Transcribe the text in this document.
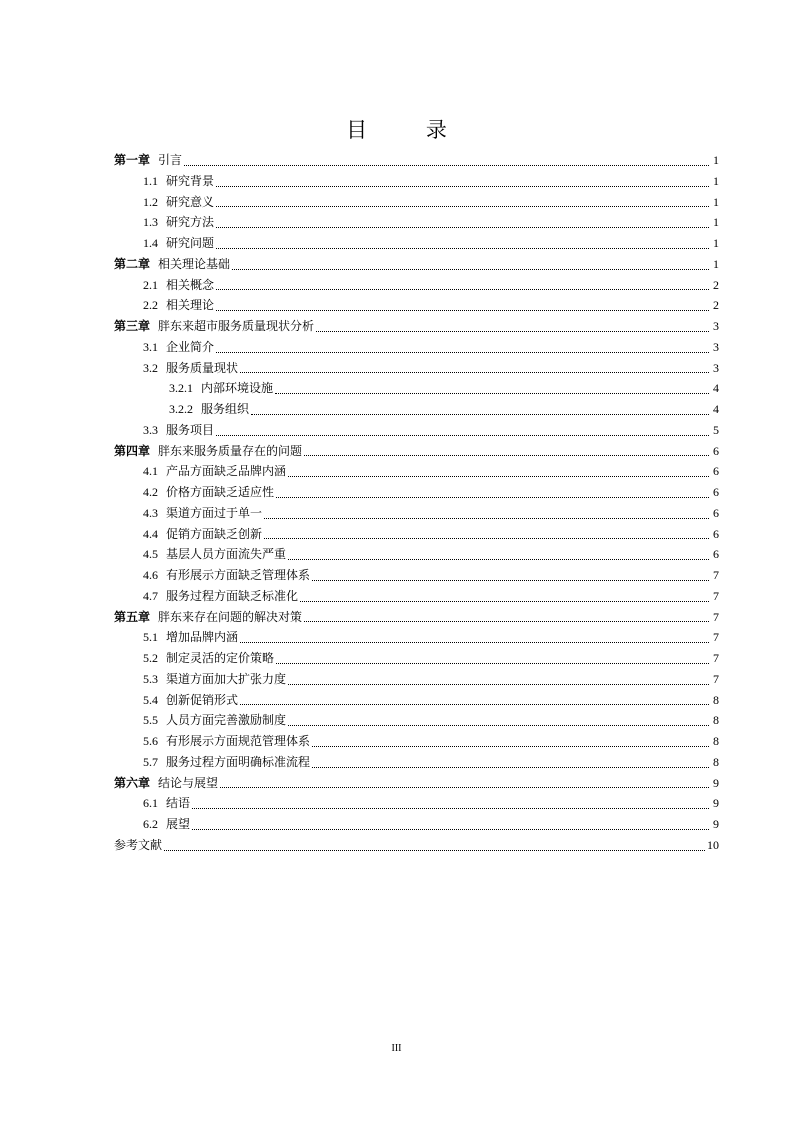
目 录
第一章 引言	1
1.1 研究背景	1
1.2 研究意义	1
1.3 研究方法	1
1.4 研究问题	1
第二章 相关理论基础	1
2.1 相关概念	2
2.2 相关理论	2
第三章 胖东来超市服务质量现状分析	3
3.1 企业简介	3
3.2 服务质量现状	3
3.2.1 内部环境设施	4
3.2.2 服务组织	4
3.3 服务项目	5
第四章 胖东来服务质量存在的问题	6
4.1 产品方面缺乏品牌内涵	6
4.2 价格方面缺乏适应性	6
4.3 渠道方面过于单一	6
4.4 促销方面缺乏创新	6
4.5 基层人员方面流失严重	6
4.6 有形展示方面缺乏管理体系	7
4.7 服务过程方面缺乏标准化	7
第五章 胖东来存在问题的解决对策	7
5.1 增加品牌内涵	7
5.2 制定灵活的定价策略	7
5.3 渠道方面加大扩张力度	7
5.4 创新促销形式	8
5.5 人员方面完善激励制度	8
5.6 有形展示方面规范管理体系	8
5.7 服务过程方面明确标准流程	8
第六章 结论与展望	9
6.1 结语	9
6.2 展望	9
参考文献	10
III
